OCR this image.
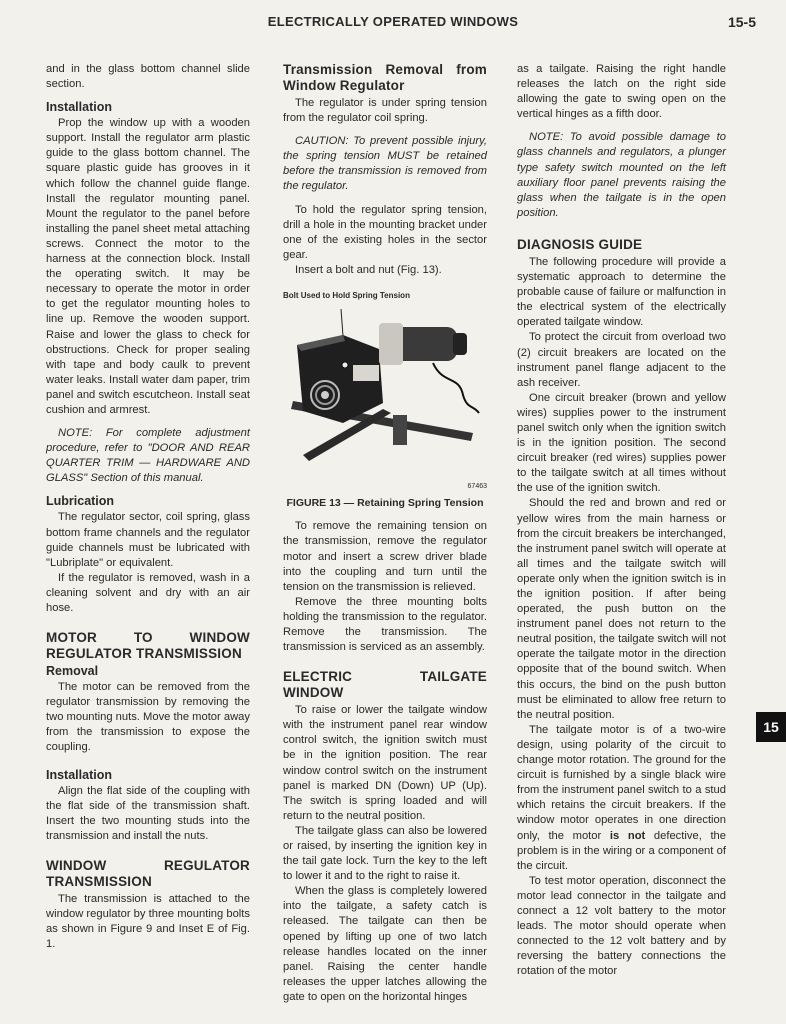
ELECTRICALLY OPERATED WINDOWS	15-5

and in the glass bottom channel slide section.

Installation

Prop the window up with a wooden support. Install the regulator arm plastic guide to the glass bottom channel. The square plastic guide has grooves in it which follow the channel guide flange. Install the regulator mounting panel. Mount the regulator to the panel before installing the panel sheet metal attaching screws. Connect the motor to the harness at the connection block. Install the operating switch. It may be necessary to operate the motor in order to get the regulator mounting holes to line up. Remove the wooden support. Raise and lower the glass to check for obstructions. Check for proper sealing with tape and body caulk to prevent water leaks. Install water dam paper, trim panel and switch escutcheon. Install seat cushion and armrest.

NOTE: For complete adjustment procedure, refer to "DOOR AND REAR QUARTER TRIM — HARDWARE AND GLASS" Section of this manual.

Lubrication

The regulator sector, coil spring, glass bottom frame channels and the regulator guide channels must be lubricated with "Lubriplate" or equivalent.

If the regulator is removed, wash in a cleaning solvent and dry with an air hose.

MOTOR TO WINDOW REGULATOR TRANSMISSION
Removal

The motor can be removed from the regulator transmission by removing the two mounting nuts. Move the motor away from the transmission to expose the coupling.

Installation

Align the flat side of the coupling with the flat side of the transmission shaft. Insert the two mounting studs into the transmission and install the nuts.

WINDOW REGULATOR TRANSMISSION

The transmission is attached to the window regulator by three mounting bolts as shown in Figure 9 and Inset E of Fig. 1.

Transmission Removal from Window Regulator

The regulator is under spring tension from the regulator coil spring.

CAUTION: To prevent possible injury, the spring tension MUST be retained before the transmission is removed from the regulator.

To hold the regulator spring tension, drill a hole in the mounting bracket under one of the existing holes in the sector gear.

Insert a bolt and nut (Fig. 13).

Bolt Used to Hold Spring Tension
67463
FIGURE 13 — Retaining Spring Tension

To remove the remaining tension on the transmission, remove the regulator motor and insert a screw driver blade into the coupling and turn until the tension on the transmission is relieved.

Remove the three mounting bolts holding the transmission to the regulator. Remove the transmission. The transmission is serviced as an assembly.

ELECTRIC TAILGATE WINDOW

To raise or lower the tailgate window with the instrument panel rear window control switch, the ignition switch must be in the ignition position. The rear window control switch on the instrument panel is marked DN (Down) UP (Up). The switch is spring loaded and will return to the neutral position.

The tailgate glass can also be lowered or raised, by inserting the ignition key in the tail gate lock. Turn the key to the left to lower it and to the right to raise it.

When the glass is completely lowered into the tailgate, a safety catch is released. The tailgate can then be opened by lifting up one of two latch release handles located on the inner panel. Raising the center handle releases the upper latches allowing the gate to open on the horizontal hinges

as a tailgate. Raising the right handle releases the latch on the right side allowing the gate to swing open on the vertical hinges as a fifth door.

NOTE: To avoid possible damage to glass channels and regulators, a plunger type safety switch mounted on the left auxiliary floor panel prevents raising the glass when the tailgate is in the open position.

DIAGNOSIS GUIDE

The following procedure will provide a systematic approach to determine the probable cause of failure or malfunction in the electrical system of the electrically operated tailgate window.

To protect the circuit from overload two (2) circuit breakers are located on the instrument panel flange adjacent to the ash receiver.

One circuit breaker (brown and yellow wires) supplies power to the instrument panel switch only when the ignition switch is in the ignition position. The second circuit breaker (red wires) supplies power to the tailgate switch at all times without the use of the ignition switch.

Should the red and brown and red or yellow wires from the main harness or from the circuit breakers be interchanged, the instrument panel switch will operate at all times and the tailgate switch will operate only when the ignition switch is in the ignition position. If after being operated, the push button on the instrument panel does not return to the neutral position, the tailgate switch will not operate the tailgate motor in the direction opposite that of the bound switch. When this occurs, the bind on the push button must be eliminated to allow free return to the neutral position.

The tailgate motor is of a two-wire design, using polarity of the circuit to change motor rotation. The ground for the circuit is furnished by a single black wire from the instrument panel switch to a stud which retains the circuit breakers. If the window motor operates in one direction only, the motor is not defective, the problem is in the wiring or a component of the circuit.

To test motor operation, disconnect the motor lead connector in the tailgate and connect a 12 volt battery to the motor leads. The motor should operate when connected to the 12 volt battery and by reversing the battery connections the rotation of the motor

15
